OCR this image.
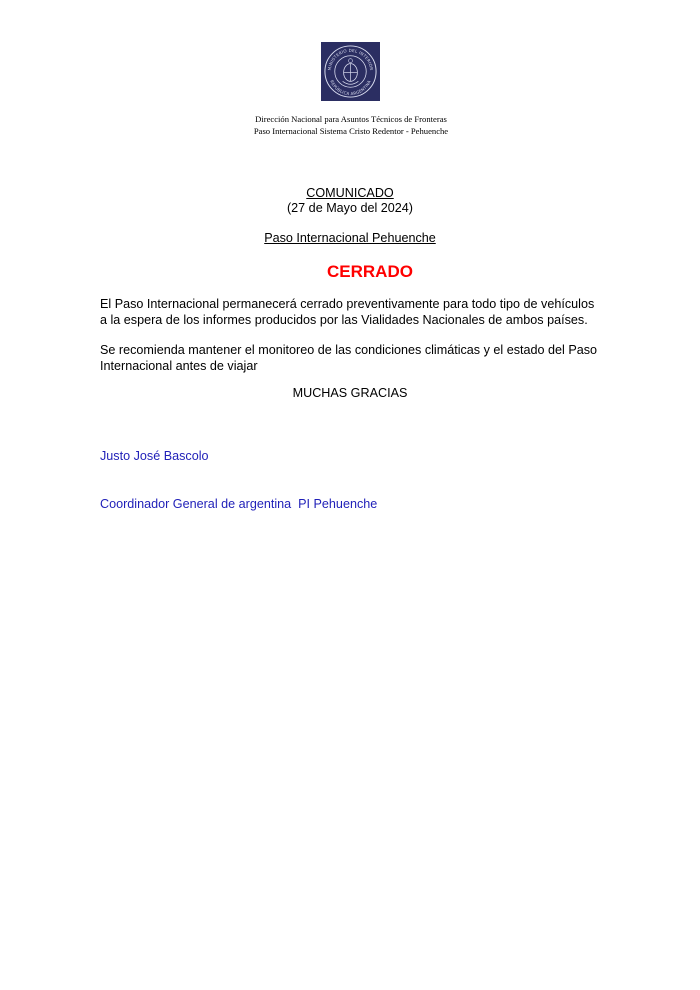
MINISTERIO DEL INTERIOR
REPÚBLICA ARGENTINA
Dirección Nacional para Asuntos Técnicos de Fronteras
Paso Internacional Sistema Cristo Redentor - Pehuenche
COMUNICADO
(27 de Mayo del 2024)
Paso Internacional Pehuenche
CERRADO
El Paso Internacional permanecerá cerrado preventivamente para todo tipo de vehículos
a la espera de los informes producidos por las Vialidades Nacionales de ambos países.
Se recomienda mantener el monitoreo de las condiciones climáticas y el estado del Paso
Internacional antes de viajar
MUCHAS GRACIAS

Justo José Bascolo

Coordinador General de argentina  PI Pehuenche
